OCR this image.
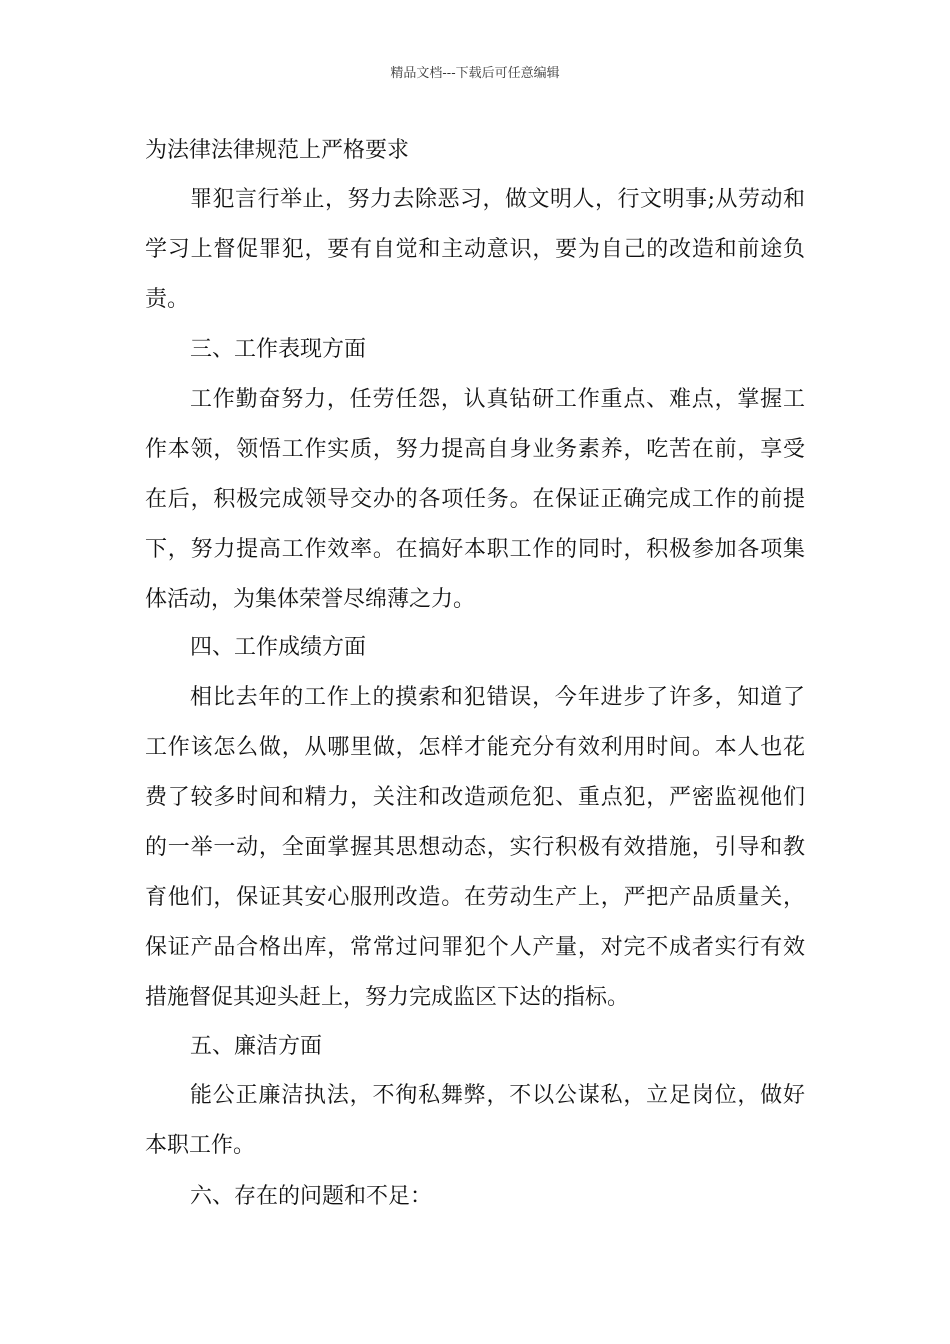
精品文档---下载后可任意编辑
为法律法律规范上严格要求
罪犯言行举止，努力去除恶习，做文明人，行文明事;从劳动和
学习上督促罪犯，要有自觉和主动意识，要为自己的改造和前途负
责。
三、工作表现方面
工作勤奋努力，任劳任怨，认真钻研工作重点、难点，掌握工
作本领，领悟工作实质，努力提高自身业务素养，吃苦在前，享受
在后，积极完成领导交办的各项任务。在保证正确完成工作的前提
下，努力提高工作效率。在搞好本职工作的同时，积极参加各项集
体活动，为集体荣誉尽绵薄之力。
四、工作成绩方面
相比去年的工作上的摸索和犯错误，今年进步了许多，知道了
工作该怎么做，从哪里做，怎样才能充分有效利用时间。本人也花
费了较多时间和精力，关注和改造顽危犯、重点犯，严密监视他们
的一举一动，全面掌握其思想动态，实行积极有效措施，引导和教
育他们，保证其安心服刑改造。在劳动生产上，严把产品质量关，
保证产品合格出库，常常过问罪犯个人产量，对完不成者实行有效
措施督促其迎头赶上，努力完成监区下达的指标。
五、廉洁方面
能公正廉洁执法，不徇私舞弊，不以公谋私，立足岗位，做好
本职工作。
六、存在的问题和不足：
